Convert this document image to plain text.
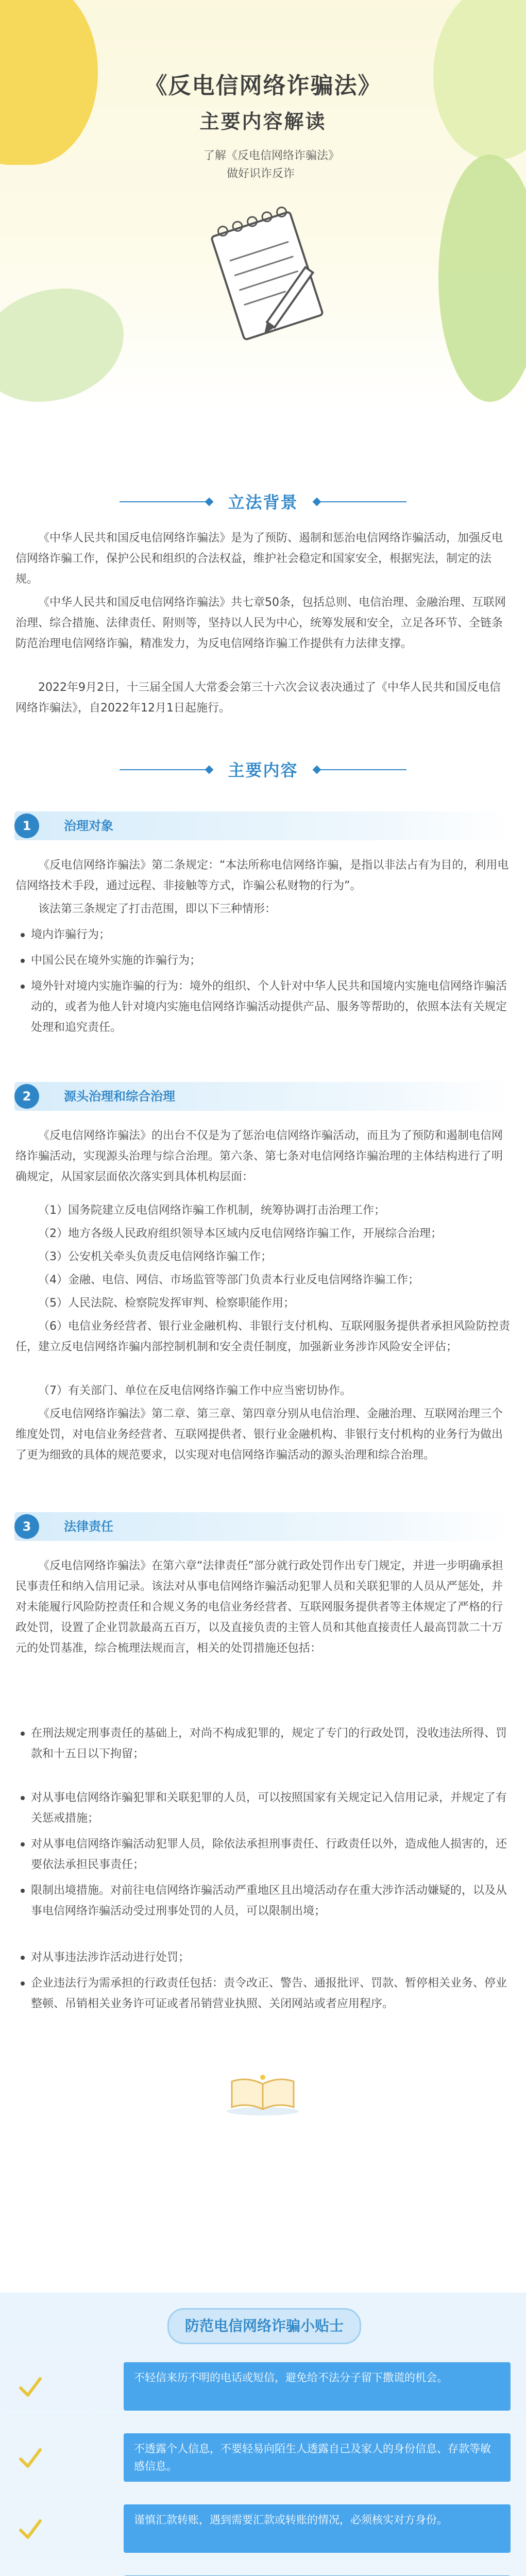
《反电信网络诈骗法》
主要内容解读
了解《反电信网络诈骗法》
做好识诈反诈
立法背景
《中华人民共和国反电信网络诈骗法》是为了预防、遏制和惩治电信网络诈骗活动，加强反电信网络诈骗工作，保护公民和组织的合法权益，维护社会稳定和国家安全，根据宪法，制定的法规。
《中华人民共和国反电信网络诈骗法》共七章50条，包括总则、电信治理、金融治理、互联网治理、综合措施、法律责任、附则等，坚持以人民为中心，统筹发展和安全，立足各环节、全链条防范治理电信网络诈骗，精准发力，为反电信网络诈骗工作提供有力法律支撑。
2022年9月2日，十三届全国人大常委会第三十六次会议表决通过了《中华人民共和国反电信网络诈骗法》，自2022年12月1日起施行。
主要内容
1	治理对象
《反电信网络诈骗法》第二条规定：“本法所称电信网络诈骗，是指以非法占有为目的，利用电信网络技术手段，通过远程、非接触等方式，诈骗公私财物的行为”。
该法第三条规定了打击范围，即以下三种情形：
境内诈骗行为；
中国公民在境外实施的诈骗行为；
境外针对境内实施诈骗的行为：境外的组织、个人针对中华人民共和国境内实施电信网络诈骗活动的，或者为他人针对境内实施电信网络诈骗活动提供产品、服务等帮助的，依照本法有关规定处理和追究责任。
2	源头治理和综合治理
《反电信网络诈骗法》的出台不仅是为了惩治电信网络诈骗活动，而且为了预防和遏制电信网络诈骗活动，实现源头治理与综合治理。第六条、第七条对电信网络诈骗治理的主体结构进行了明确规定，从国家层面依次落实到具体机构层面：
（1）国务院建立反电信网络诈骗工作机制，统筹协调打击治理工作；
（2）地方各级人民政府组织领导本区域内反电信网络诈骗工作，开展综合治理；
（3）公安机关牵头负责反电信网络诈骗工作；
（4）金融、电信、网信、市场监管等部门负责本行业反电信网络诈骗工作；
（5）人民法院、检察院发挥审判、检察职能作用；
（6）电信业务经营者、银行业金融机构、非银行支付机构、互联网服务提供者承担风险防控责任，建立反电信网络诈骗内部控制机制和安全责任制度，加强新业务涉诈风险安全评估；
（7）有关部门、单位在反电信网络诈骗工作中应当密切协作。
《反电信网络诈骗法》第二章、第三章、第四章分别从电信治理、金融治理、互联网治理三个维度处罚，对电信业务经营者、互联网提供者、银行业金融机构、非银行支付机构的业务行为做出了更为细致的具体的规范要求，以实现对电信网络诈骗活动的源头治理和综合治理。
3	法律责任
《反电信网络诈骗法》在第六章“法律责任”部分就行政处罚作出专门规定，并进一步明确承担民事责任和纳入信用记录。该法对从事电信网络诈骗活动犯罪人员和关联犯罪的人员从严惩处，并对未能履行风险防控责任和合规义务的电信业务经营者、互联网服务提供者等主体规定了严格的行政处罚，设置了企业罚款最高五百万，以及直接负责的主管人员和其他直接责任人最高罚款二十万元的处罚基准，综合梳理法规而言，相关的处罚措施还包括：
在刑法规定刑事责任的基础上，对尚不构成犯罪的，规定了专门的行政处罚，没收违法所得、罚款和十五日以下拘留；
对从事电信网络诈骗犯罪和关联犯罪的人员，可以按照国家有关规定记入信用记录，并规定了有关惩戒措施；
对从事电信网络诈骗活动犯罪人员，除依法承担刑事责任、行政责任以外，造成他人损害的，还要依法承担民事责任；
限制出境措施。对前往电信网络诈骗活动严重地区且出境活动存在重大涉诈活动嫌疑的，以及从事电信网络诈骗活动受过刑事处罚的人员，可以限制出境；
对从事违法涉诈活动进行处罚；
企业违法行为需承担的行政责任包括：责令改正、警告、通报批评、罚款、暂停相关业务、停业整顿、吊销相关业务许可证或者吊销营业执照、关闭网站或者应用程序。
防范电信网络诈骗小贴士
不轻信来历不明的电话或短信，避免给不法分子留下撒谎的机会。
不透露个人信息，不要轻易向陌生人透露自己及家人的身份信息、存款等敏感信息。
谨慎汇款转账，遇到需要汇款或转账的情况，必须核实对方身份。
